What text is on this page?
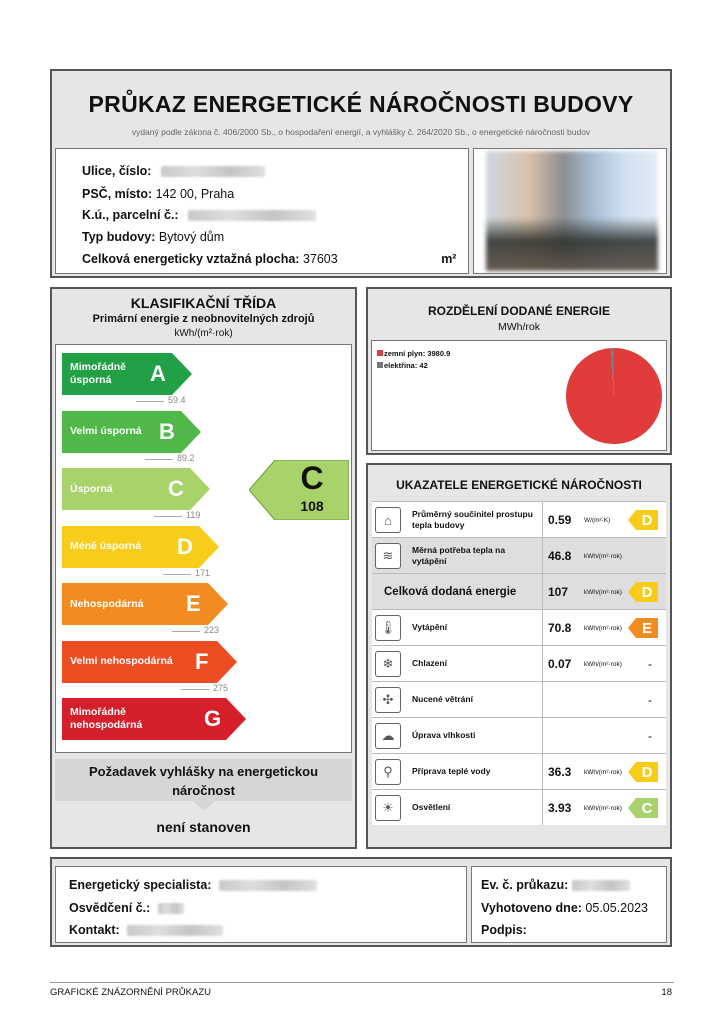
PRŮKAZ ENERGETICKÉ NÁROČNOSTI BUDOVY
vydaný podle zákona č. 406/2000 Sb., o hospodaření energií, a vyhlášky č. 264/2020 Sb., o energetické náročnosti budov
Ulice, číslo:
PSČ, místo: 142 00, Praha
K.ú., parcelní č.:
Typ budovy: Bytový dům
Celková energeticky vztažná plocha: 37603	m²
KLASIFIKAČNÍ TŘÍDA
Primární energie z neobnovitelných zdrojů
kWh/(m²·rok)
Mimořádně úsporná	A
59.4
Velmi úsporná B
89.2
Úsporná	C
119
Méně úsporná	D
171
Nehospodárná	E
223
Velmi nehospodárná	F
275
Mimořádně nehospodárná	G
C
108
Požadavek vyhlášky na energetickou náročnost
není stanoven
ROZDĚLENÍ DODANÉ ENERGIE
MWh/rok
zemní plyn: 3980.9
elektřina: 42
UKAZATELE ENERGETICKÉ NÁROČNOSTI
⌂	Průměrný součinitel prostupu tepla budovy	0.59 W/(m²·K)	D
≋	Měrná potřeba tepla na vytápění	46.8 kWh/(m²·rok)
Celková dodaná energie	107 kWh/(m²·rok)	D
🌡	Vytápění	70.8 kWh/(m²·rok)	E
❄	Chlazení	0.07 kWh/(m²·rok) -
✣	Nucené větrání	-
☁	Úprava vlhkosti	-
⚲	Příprava teplé vody	36.3 kWh/(m²·rok)	D
☀	Osvětlení	3.93 kWh/(m²·rok)	C
Energetický specialista:
Osvědčení č.:
Kontakt:
Ev. č. průkazu:
Vyhotoveno dne: 05.05.2023
Podpis:
GRAFICKÉ ZNÁZORNĚNÍ PRŮKAZU	18
